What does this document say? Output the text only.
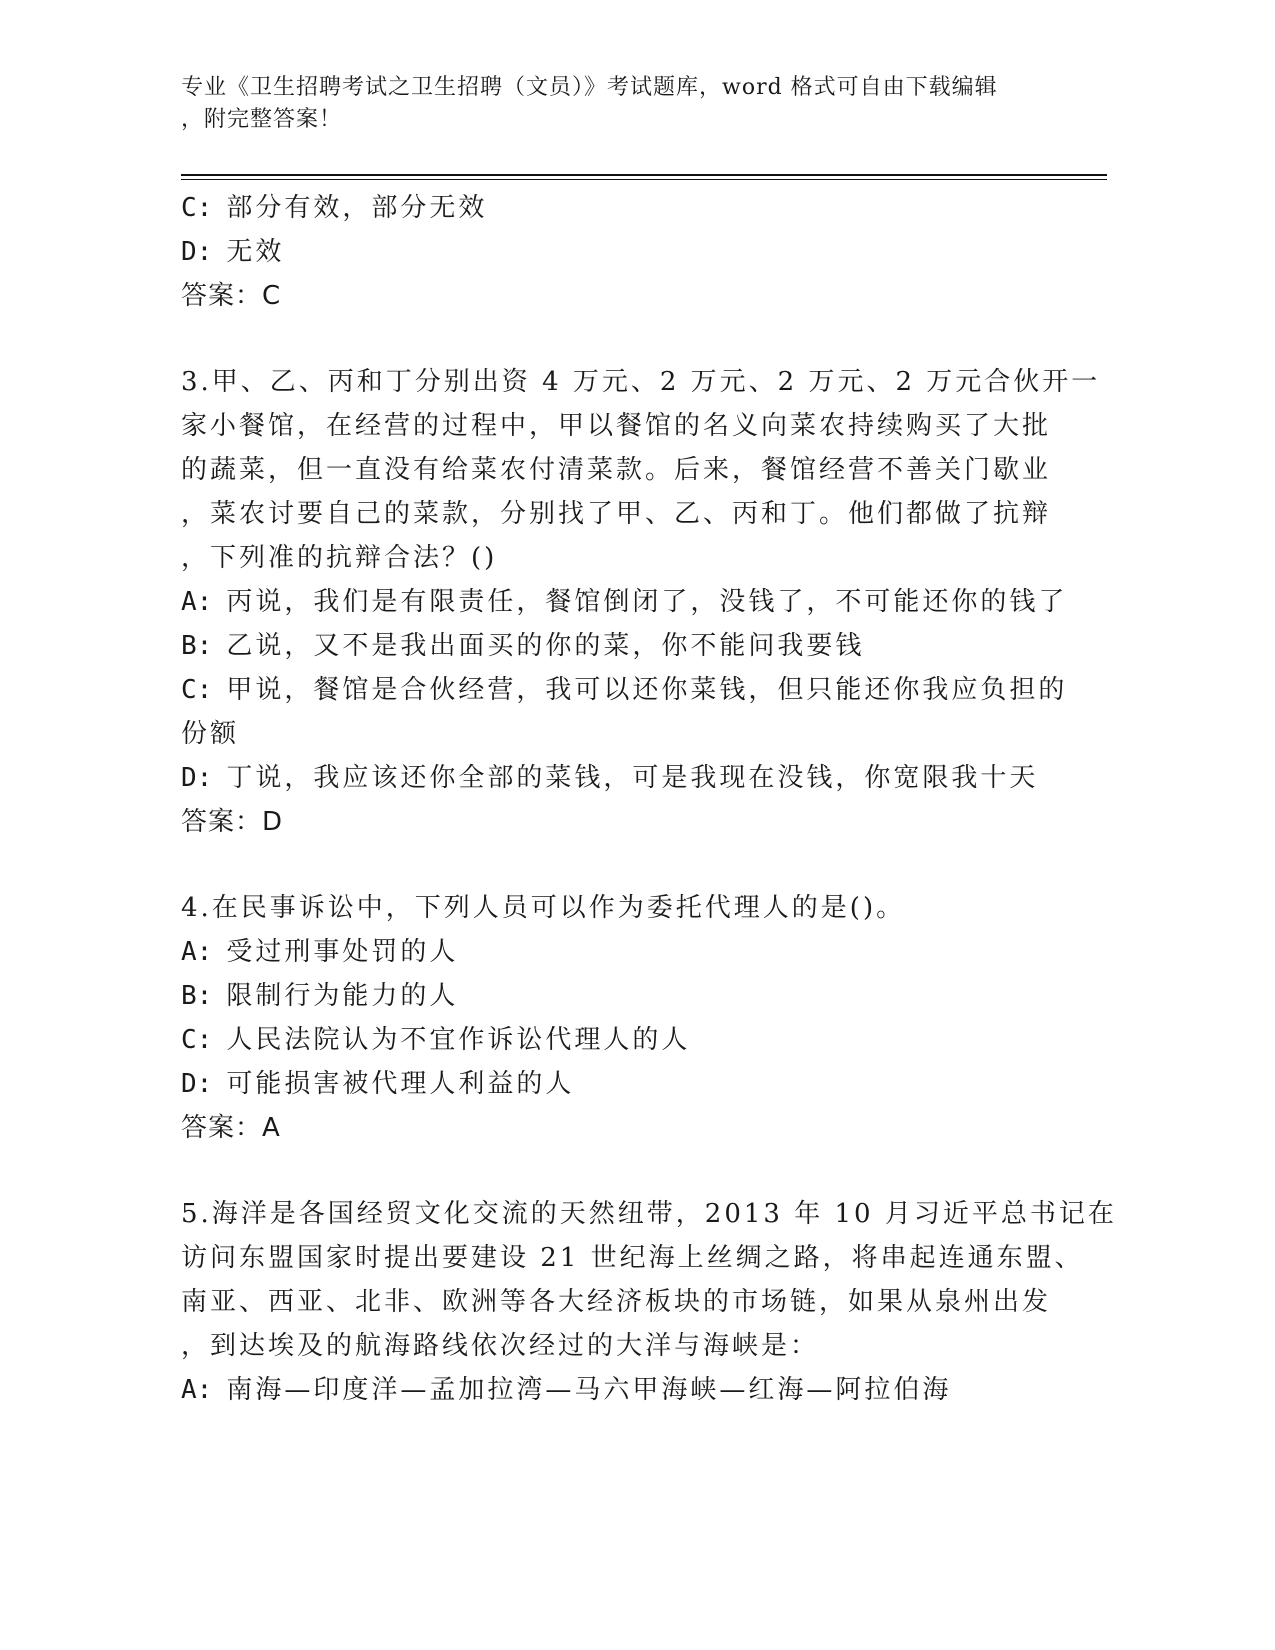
专业《卫生招聘考试之卫生招聘（文员）》考试题库，word 格式可自由下载编辑
，附完整答案！
C: 部分有效，部分无效
D: 无效
答案：C
3.甲、乙、丙和丁分别出资 4 万元、2 万元、2 万元、2 万元合伙开一
家小餐馆，在经营的过程中，甲以餐馆的名义向菜农持续购买了大批
的蔬菜，但一直没有给菜农付清菜款。后来，餐馆经营不善关门歇业
，菜农讨要自己的菜款，分别找了甲、乙、丙和丁。他们都做了抗辩
，下列准的抗辩合法？()
A: 丙说，我们是有限责任，餐馆倒闭了，没钱了，不可能还你的钱了
B: 乙说，又不是我出面买的你的菜，你不能问我要钱
C: 甲说，餐馆是合伙经营，我可以还你菜钱，但只能还你我应负担的
份额
D: 丁说，我应该还你全部的菜钱，可是我现在没钱，你宽限我十天
答案：D
4.在民事诉讼中，下列人员可以作为委托代理人的是()。
A: 受过刑事处罚的人
B: 限制行为能力的人
C: 人民法院认为不宜作诉讼代理人的人
D: 可能损害被代理人利益的人
答案：A
5.海洋是各国经贸文化交流的天然纽带，2013 年 10 月习近平总书记在
访问东盟国家时提出要建设 21 世纪海上丝绸之路，将串起连通东盟、
南亚、西亚、北非、欧洲等各大经济板块的市场链，如果从泉州出发
，到达埃及的航海路线依次经过的大洋与海峡是：
A: 南海—印度洋—孟加拉湾—马六甲海峡—红海—阿拉伯海
